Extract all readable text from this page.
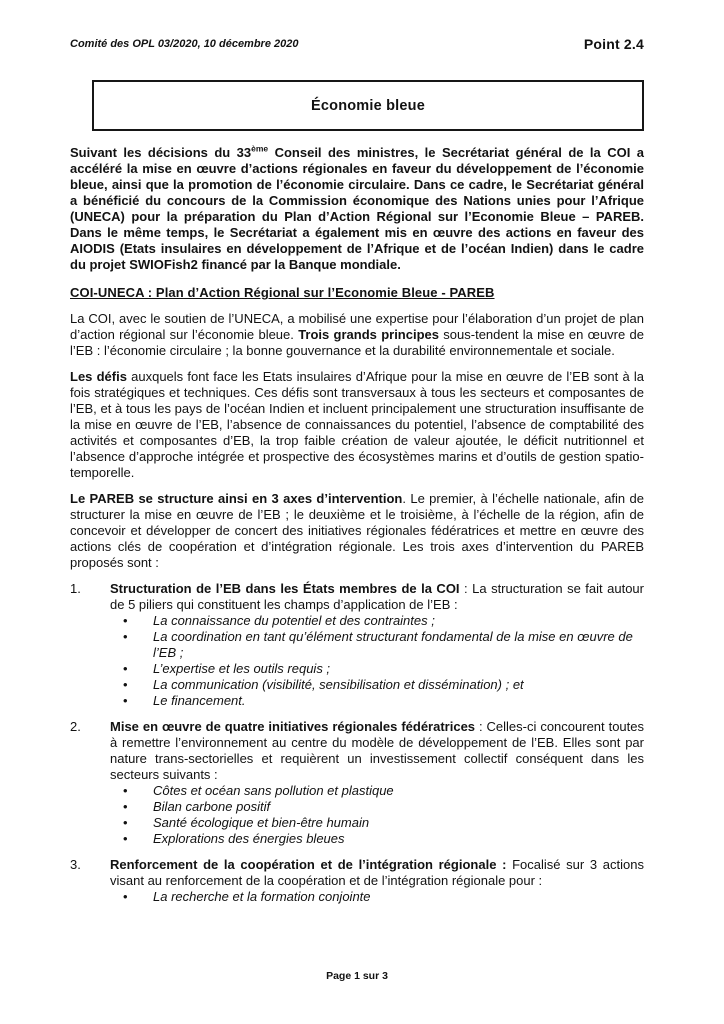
Comité des OPL 03/2020, 10 décembre 2020	Point 2.4
Économie bleue

Suivant les décisions du 33ème Conseil des ministres, le Secrétariat général de la COI a accéléré la mise en œuvre d’actions régionales en faveur du développement de l’économie bleue, ainsi que la promotion de l’économie circulaire. Dans ce cadre, le Secrétariat général a bénéficié du concours de la Commission économique des Nations unies pour l’Afrique (UNECA) pour la préparation du Plan d’Action Régional sur l’Economie Bleue – PAREB. Dans le même temps, le Secrétariat a également mis en œuvre des actions en faveur des AIODIS (Etats insulaires en développement de l’Afrique et de l’océan Indien) dans le cadre du projet SWIOFish2 financé par la Banque mondiale.

COI-UNECA : Plan d’Action Régional sur l’Economie Bleue - PAREB

La COI, avec le soutien de l’UNECA, a mobilisé une expertise pour l’élaboration d’un projet de plan d’action régional sur l’économie bleue. Trois grands principes sous-tendent la mise en œuvre de l’EB : l’économie circulaire ; la bonne gouvernance et la durabilité environnementale et sociale.

Les défis auxquels font face les Etats insulaires d’Afrique pour la mise en œuvre de l’EB sont à la fois stratégiques et techniques. Ces défis sont transversaux à tous les secteurs et composantes de l’EB, et à tous les pays de l’océan Indien et incluent principalement une structuration insuffisante de la mise en œuvre de l’EB, l’absence de connaissances du potentiel, l’absence de comptabilité des activités et composantes d’EB, la trop faible création de valeur ajoutée, le déficit nutritionnel et l’absence d’approche intégrée et prospective des écosystèmes marins et d’outils de gestion spatio-temporelle.

Le PAREB se structure ainsi en 3 axes d’intervention. Le premier, à l’échelle nationale, afin de structurer la mise en œuvre de l’EB ; le deuxième et le troisième, à l’échelle de la région, afin de concevoir et développer de concert des initiatives régionales fédératrices et mettre en œuvre des actions clés de coopération et d’intégration régionale. Les trois axes d’intervention du PAREB proposés sont :

1.	Structuration de l’EB dans les États membres de la COI : La structuration se fait autour de 5 piliers qui constituent les champs d’application de l’EB :

•	La connaissance du potentiel et des contraintes ;
•	La coordination en tant qu’élément structurant fondamental de la mise en œuvre de l’EB ;
•	L’expertise et les outils requis ;
•	La communication (visibilité, sensibilisation et dissémination) ; et
•	Le financement.
2.	Mise en œuvre de quatre initiatives régionales fédératrices : Celles-ci concourent toutes à remettre l’environnement au centre du modèle de développement de l’EB. Elles sont par nature trans-sectorielles et requièrent un investissement collectif conséquent dans les secteurs suivants :

•	Côtes et océan sans pollution et plastique
•	Bilan carbone positif
•	Santé écologique et bien-être humain
•	Explorations des énergies bleues
3.	Renforcement de la coopération et de l’intégration régionale : Focalisé sur 3 actions visant au renforcement de la coopération et de l’intégration régionale pour :

•	La recherche et la formation conjointe
Page 1 sur 3
